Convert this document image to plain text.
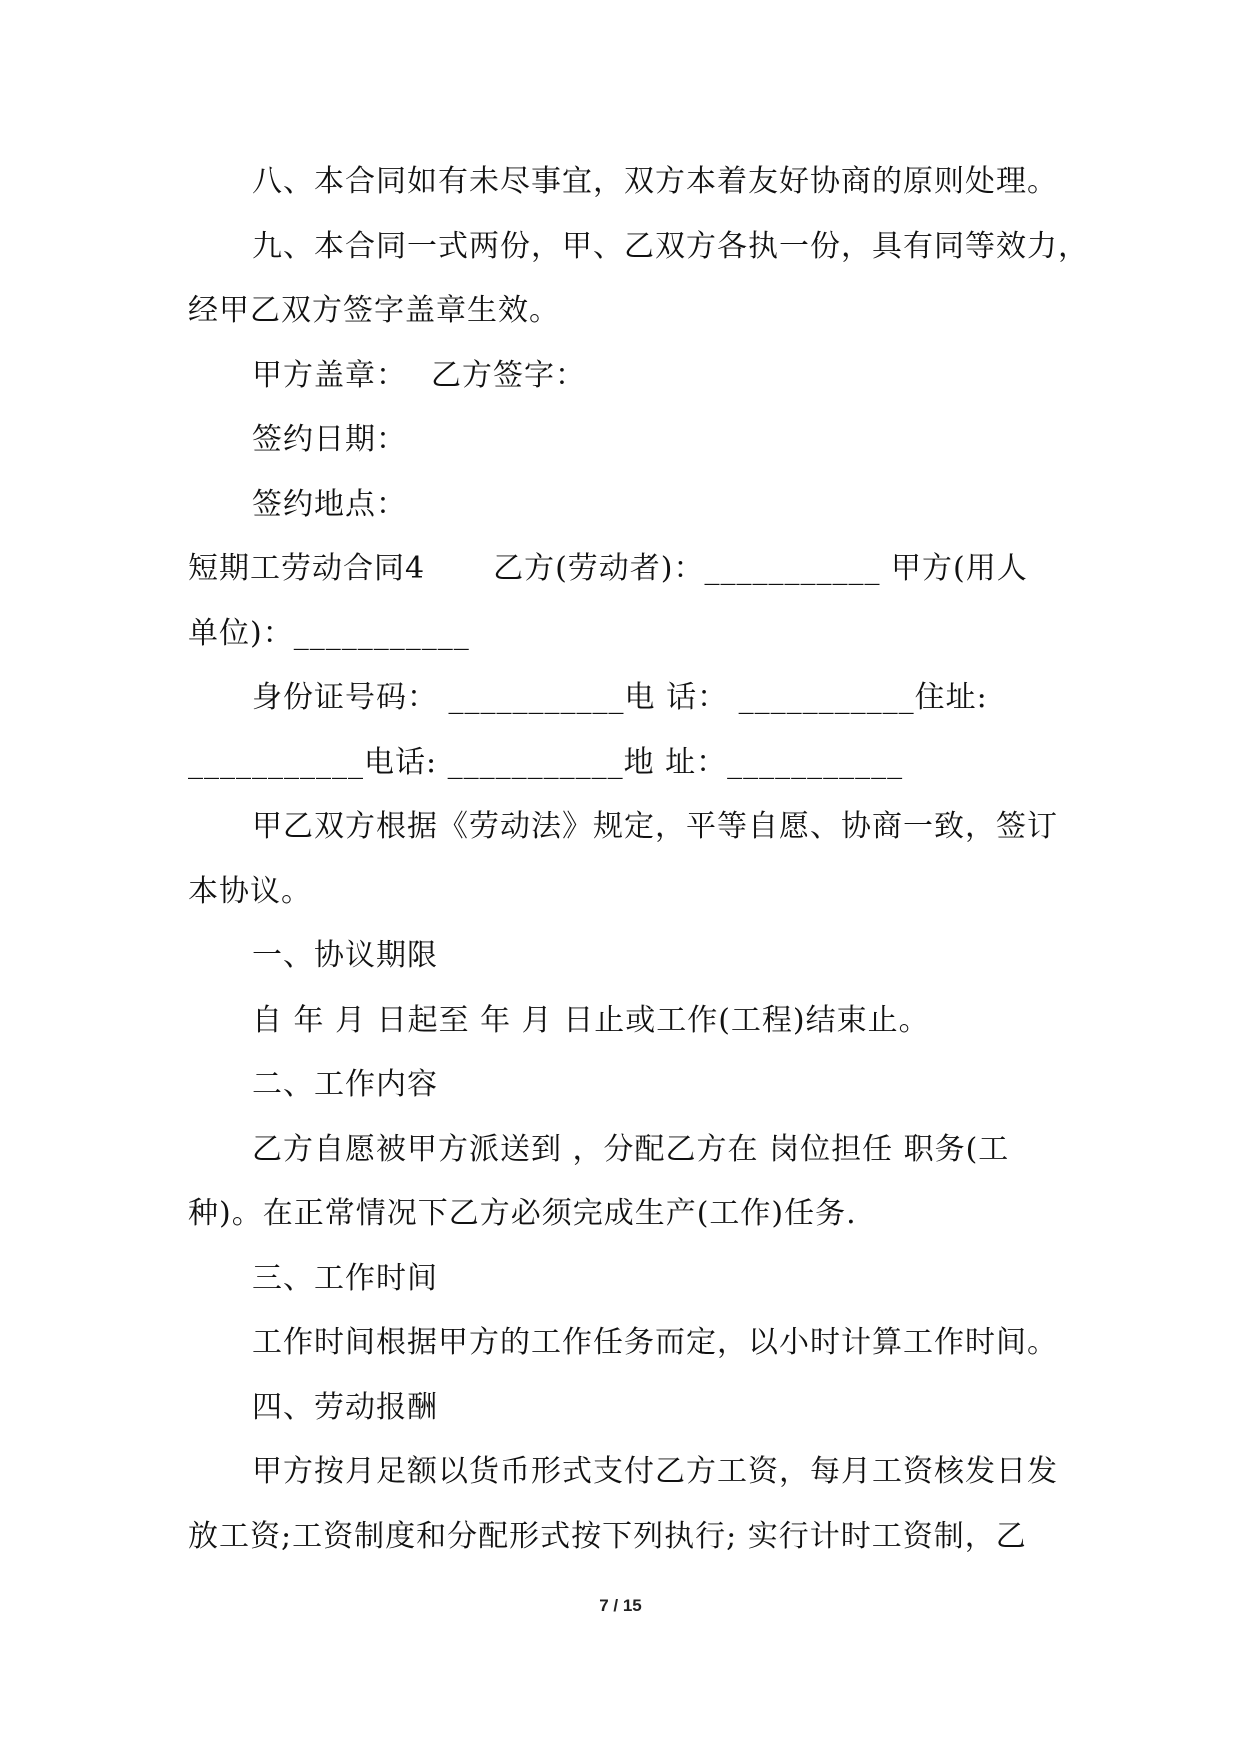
八、本合同如有未尽事宜，双方本着友好协商的原则处理。
九、本合同一式两份，甲、乙双方各执一份，具有同等效力，
经甲乙双方签字盖章生效。
甲方盖章： 乙方签字：
签约日期：
签约地点：
短期工劳动合同4 乙方(劳动者)：___________ 甲方(用人
单位)：___________
身份证号码： ___________电 话： ___________住址:
___________电话: ___________地 址：___________
甲乙双方根据《劳动法》规定，平等自愿、协商一致，签订
本协议。
一、协议期限
自 年 月 日起至 年 月 日止或工作(工程)结束止。
二、工作内容
乙方自愿被甲方派送到 ，分配乙方在 岗位担任 职务(工
种)。在正常情况下乙方必须完成生产(工作)任务.
三、工作时间
工作时间根据甲方的工作任务而定，以小时计算工作时间。
四、劳动报酬
甲方按月足额以货币形式支付乙方工资，每月工资核发日发
放工资;工资制度和分配形式按下列执行; 实行计时工资制，乙
7 / 15
